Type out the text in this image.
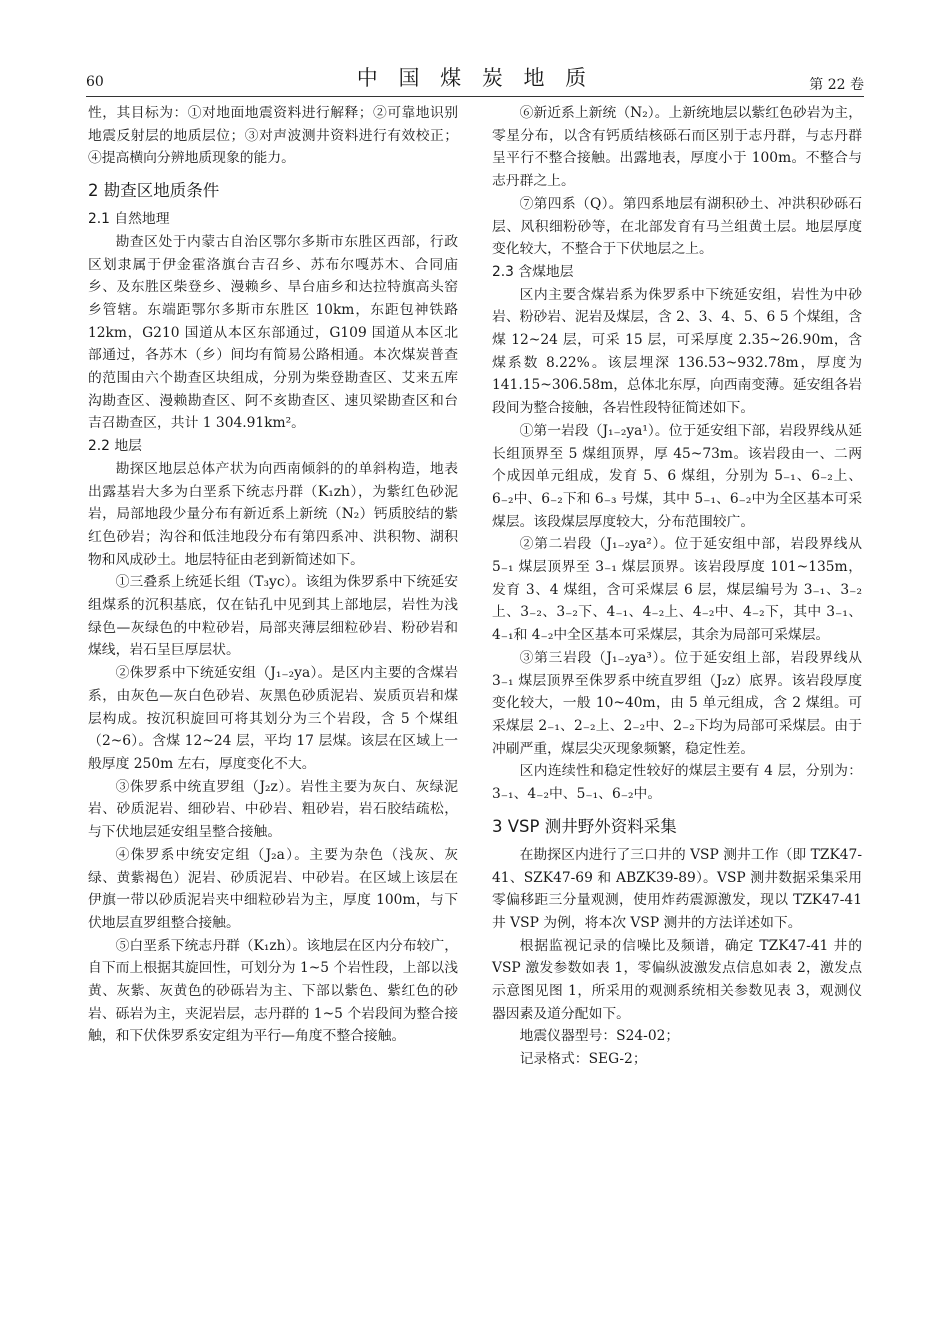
60	中 国 煤 炭 地 质	第 22 卷

性，其目标为：①对地面地震资料进行解释；②可靠地识别地震反射层的地质层位；③对声波测井资料进行有效校正；④提高横向分辨地质现象的能力。

2 勘查区地质条件
2.1 自然地理

勘查区处于内蒙古自治区鄂尔多斯市东胜区西部，行政区划隶属于伊金霍洛旗台吉召乡、苏布尔嘎苏木、合同庙乡、及东胜区柴登乡、漫赖乡、旱台庙乡和达拉特旗高头窑乡管辖。东端距鄂尔多斯市东胜区 10km，东距包神铁路 12km，G210 国道从本区东部通过，G109 国道从本区北部通过，各苏木（乡）间均有简易公路相通。本次煤炭普查的范围由六个勘查区块组成，分别为柴登勘查区、艾来五库沟勘查区、漫赖勘查区、阿不亥勘查区、速贝梁勘查区和台吉召勘查区，共计 1 304.91km²。

2.2 地层

勘探区地层总体产状为向西南倾斜的的单斜构造，地表出露基岩大多为白垩系下统志丹群（K₁zh），为紫红色砂泥岩，局部地段少量分布有新近系上新统（N₂）钙质胶结的紫红色砂岩；沟谷和低洼地段分布有第四系冲、洪积物、湖积物和风成砂土。地层特征由老到新简述如下。

①三叠系上统延长组（T₃yc）。该组为侏罗系中下统延安组煤系的沉积基底，仅在钻孔中见到其上部地层，岩性为浅绿色—灰绿色的中粒砂岩，局部夹薄层细粒砂岩、粉砂岩和煤线，岩石呈巨厚层状。

②侏罗系中下统延安组（J₁₋₂ya）。是区内主要的含煤岩系，由灰色—灰白色砂岩、灰黑色砂质泥岩、炭质页岩和煤层构成。按沉积旋回可将其划分为三个岩段，含 5 个煤组（2~6）。含煤 12~24 层，平均 17 层煤。该层在区域上一般厚度 250m 左右，厚度变化不大。

③侏罗系中统直罗组（J₂z）。岩性主要为灰白、灰绿泥岩、砂质泥岩、细砂岩、中砂岩、粗砂岩，岩石胶结疏松，与下伏地层延安组呈整合接触。

④侏罗系中统安定组（J₂a）。主要为杂色（浅灰、灰绿、黄紫褐色）泥岩、砂质泥岩、中砂岩。在区域上该层在伊旗一带以砂质泥岩夹中细粒砂岩为主，厚度 100m，与下伏地层直罗组整合接触。

⑤白垩系下统志丹群（K₁zh）。该地层在区内分布较广，自下而上根据其旋回性，可划分为 1~5 个岩性段，上部以浅黄、灰紫、灰黄色的砂砾岩为主、下部以紫色、紫红色的砂岩、砾岩为主，夹泥岩层，志丹群的 1~5 个岩段间为整合接触，和下伏侏罗系安定组为平行—角度不整合接触。

⑥新近系上新统（N₂）。上新统地层以紫红色砂岩为主，零星分布，以含有钙质结核砾石而区别于志丹群，与志丹群呈平行不整合接触。出露地表，厚度小于 100m。不整合与志丹群之上。

⑦第四系（Q）。第四系地层有湖积砂土、冲洪积砂砾石层、风积细粉砂等，在北部发育有马兰组黄土层。地层厚度变化较大，不整合于下伏地层之上。

2.3 含煤地层

区内主要含煤岩系为侏罗系中下统延安组，岩性为中砂岩、粉砂岩、泥岩及煤层，含 2、3、4、5、6 5 个煤组，含煤 12~24 层，可采 15 层，可采厚度 2.35~26.90m，含煤系数 8.22%。该层埋深 136.53~932.78m，厚度为 141.15~306.58m，总体北东厚，向西南变薄。延安组各岩段间为整合接触，各岩性段特征简述如下。

①第一岩段（J₁₋₂ya¹）。位于延安组下部，岩段界线从延长组顶界至 5 煤组顶界，厚 45~73m。该岩段由一、二两个成因单元组成，发育 5、6 煤组，分别为 5₋₁、6₋₂上、6₋₂中、6₋₂下和 6₋₃ 号煤，其中 5₋₁、6₋₂中为全区基本可采煤层。该段煤层厚度较大，分布范围较广。

②第二岩段（J₁₋₂ya²）。位于延安组中部，岩段界线从 5₋₁ 煤层顶界至 3₋₁ 煤层顶界。该岩段厚度 101~135m，发育 3、4 煤组，含可采煤层 6 层，煤层编号为 3₋₁、3₋₂上、3₋₂、3₋₂下、4₋₁、4₋₂上、4₋₂中、4₋₂下，其中 3₋₁、4₋₁和 4₋₂中全区基本可采煤层，其余为局部可采煤层。

③第三岩段（J₁₋₂ya³）。位于延安组上部，岩段界线从 3₋₁ 煤层顶界至侏罗系中统直罗组（J₂z）底界。该岩段厚度变化较大，一般 10~40m，由 5 单元组成，含 2 煤组。可采煤层 2₋₁、2₋₂上、2₋₂中、2₋₂下均为局部可采煤层。由于冲刷严重，煤层尖灭现象频繁，稳定性差。

区内连续性和稳定性较好的煤层主要有 4 层，分别为：3₋₁、4₋₂中、5₋₁、6₋₂中。

3 VSP 测井野外资料采集

在勘探区内进行了三口井的 VSP 测井工作（即 TZK47-41、SZK47-69 和 ABZK39-89）。VSP 测井数据采集采用零偏移距三分量观测，使用炸药震源激发，现以 TZK47-41 井 VSP 为例，将本次 VSP 测井的方法详述如下。

根据监视记录的信噪比及频谱，确定 TZK47-41 井的 VSP 激发参数如表 1，零偏纵波激发点信息如表 2，激发点示意图见图 1，所采用的观测系统相关参数见表 3，观测仪器因素及道分配如下。

地震仪器型号：S24-02；

记录格式：SEG-2；
